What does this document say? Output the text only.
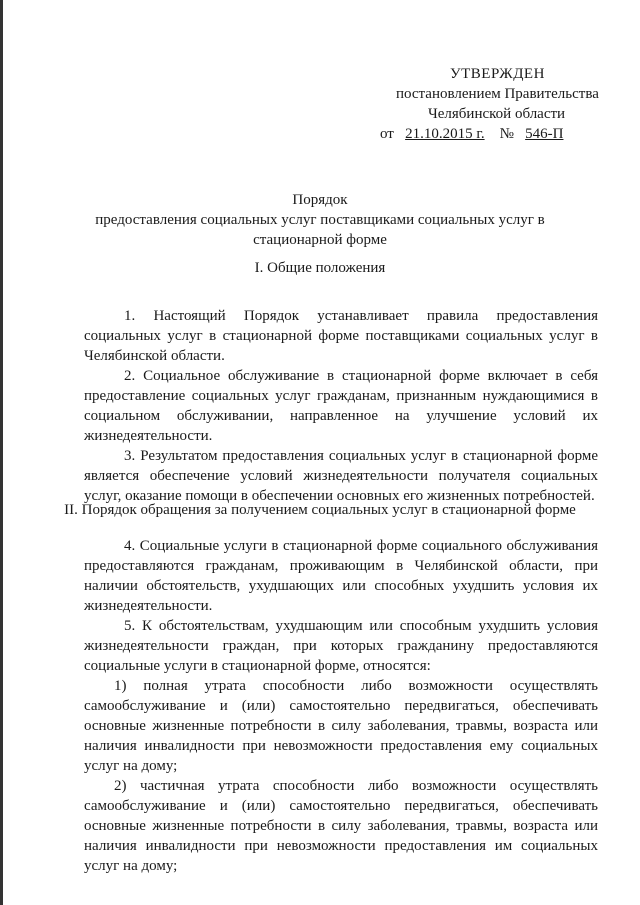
УТВЕРЖДЕН
постановлением Правительства
Челябинской области
от 21.10.2015 г. № 546-П
Порядок
предоставления социальных услуг поставщиками социальных услуг в
стационарной форме
I. Общие положения

1. Настоящий Порядок устанавливает правила предоставления социальных услуг в стационарной форме поставщиками социальных услуг в Челябинской области.

2. Социальное обслуживание в стационарной форме включает в себя предоставление социальных услуг гражданам, признанным нуждающимися в социальном обслуживании, направленное на улучшение условий их жизнедеятельности.

3. Результатом предоставления социальных услуг в стационарной форме является обеспечение условий жизнедеятельности получателя социальных услуг, оказание помощи в обеспечении основных его жизненных потребностей.

II. Порядок обращения за получением социальных услуг в стационарной форме

4. Социальные услуги в стационарной форме социального обслуживания предоставляются гражданам, проживающим в Челябинской области, при наличии обстоятельств, ухудшающих или способных ухудшить условия их жизнедеятельности.

5. К обстоятельствам, ухудшающим или способным ухудшить условия жизнедеятельности граждан, при которых гражданину предоставляются социальные услуги в стационарной форме, относятся:

1) полная утрата способности либо возможности осуществлять самообслуживание и (или) самостоятельно передвигаться, обеспечивать основные жизненные потребности в силу заболевания, травмы, возраста или наличия инвалидности при невозможности предоставления ему социальных услуг на дому;

2) частичная утрата способности либо возможности осуществлять самообслуживание и (или) самостоятельно передвигаться, обеспечивать основные жизненные потребности в силу заболевания, травмы, возраста или наличия инвалидности при невозможности предоставления им социальных услуг на дому;
